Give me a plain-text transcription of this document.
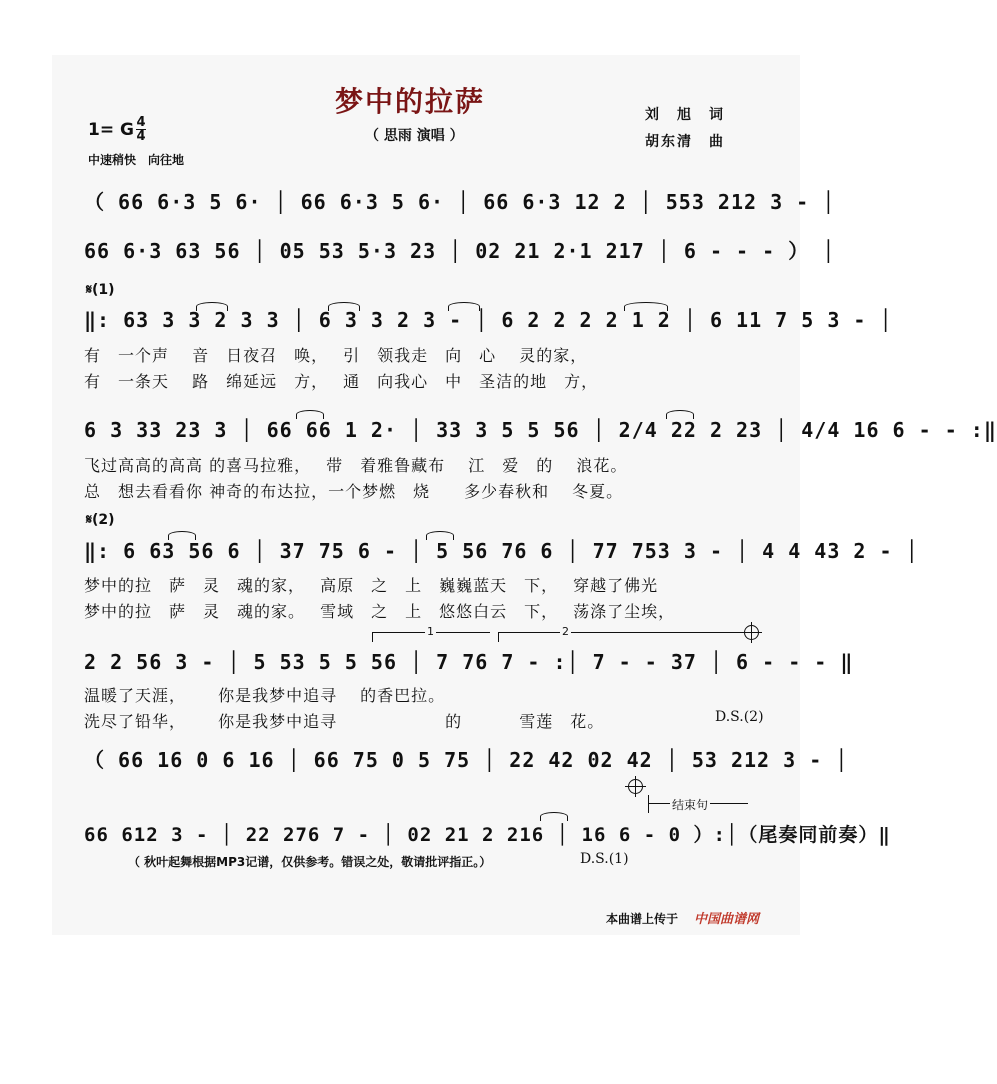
梦中的拉萨
（ 思雨 演唱 ）
刘　旭　词
胡东清　曲
1= G 4
4
中速稍快　向往地
（ 66 6·3 5 6· │ 66 6·3 5 6· │ 66 6·3 12 2 │ 553 212 3 - │
66 6·3 63 56 │ 05 53 5·3 23 │ 02 21 2·1 217 │ 6 - - - ） │
𝄋(1)
‖: 63 3 3 2 3 3 │ 6 3 3 2 3 - │ 6 2 2 2 2 1 2 │ 6 11 7 5 3 - │
有　一个声　 音　日夜召　唤，　 引　领我走　向　心　 灵的家，
有　一条天　 路　绵延远　方，　 通　向我心　中　圣洁的地　方，
6 3 33 23 3 │ 66 66 1 2· │ 33 3 5 5 56 │ 2/4 22 2 23 │ 4/4 16 6 - - :‖
飞过高高的高高 的喜马拉雅，　 带　着雅鲁藏布　 江　爱　的　 浪花。
总　想去看看你 神奇的布达拉，一个梦燃　烧　　多少春秋和　 冬夏。
𝄋(2)
‖: 6 63 56 6 │ 37 75 6 - │ 5 56 76 6 │ 77 753 3 - │ 4 4 43 2 - │
梦中的拉　萨　灵　魂的家，　 高原　之　上　巍巍蓝天　下，　 穿越了佛光
梦中的拉　萨　灵　魂的家。　 雪域　之　上　悠悠白云　下，　 荡涤了尘埃，
1	2
2 2 56 3 - │ 5 53 5 5 56 │ 7 76 7 - :│ 7 - - 37 │ 6 - - - ‖
温暖了天涯，　　 你是我梦中追寻　 的香巴拉。
洗尽了铅华，　　 你是我梦中追寻　　　　　　 的　　　 雪莲　花。	D.S.(2)
（ 66 16 0 6 16 │ 66 75 0 5 75 │ 22 42 02 42 │ 53 212 3 - │
结束句
66 612 3 - │ 22 276 7 - │ 02 21 2 216 │ 16 6 - 0 ）:│（尾奏同前奏）‖
（ 秋叶起舞根据MP3记谱，仅供参考。错误之处，敬请批评指正。）	D.S.(1)
本曲谱上传于 中国曲谱网
